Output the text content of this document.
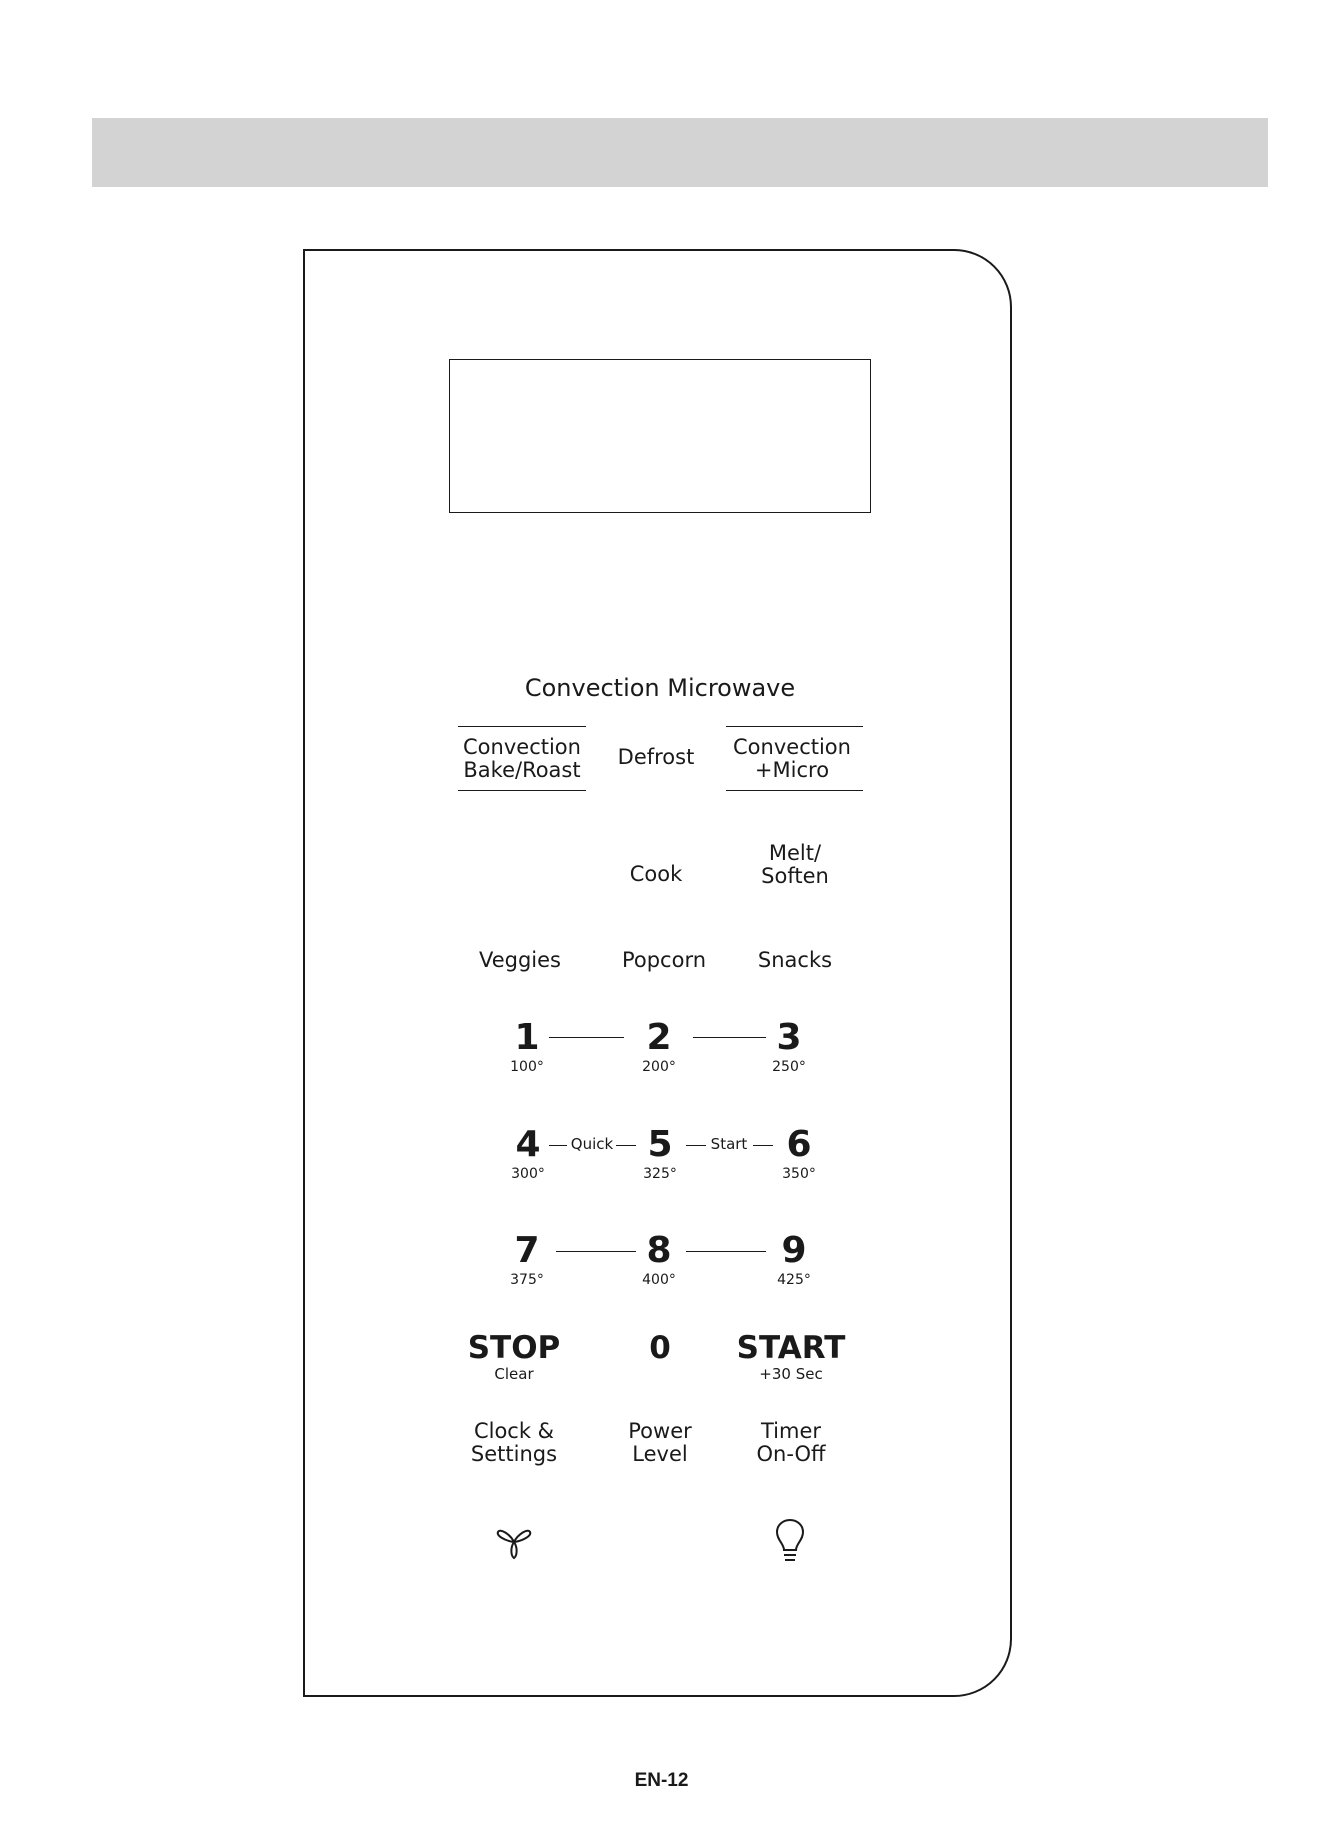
Convection Microwave
Convection
Bake/Roast
Defrost Convection
+Micro
Cook
Melt/
Soften
Veggies	Popcorn Snacks
1
100°
2
200°
3
250°
4
300°
Quick 5
325°
Start 6
350°
7
375°
8
400°
9
425°
STOP
Clear
0 START
+30 Sec
Clock &
Settings
Power
Level
Timer
On-Off
EN-12
